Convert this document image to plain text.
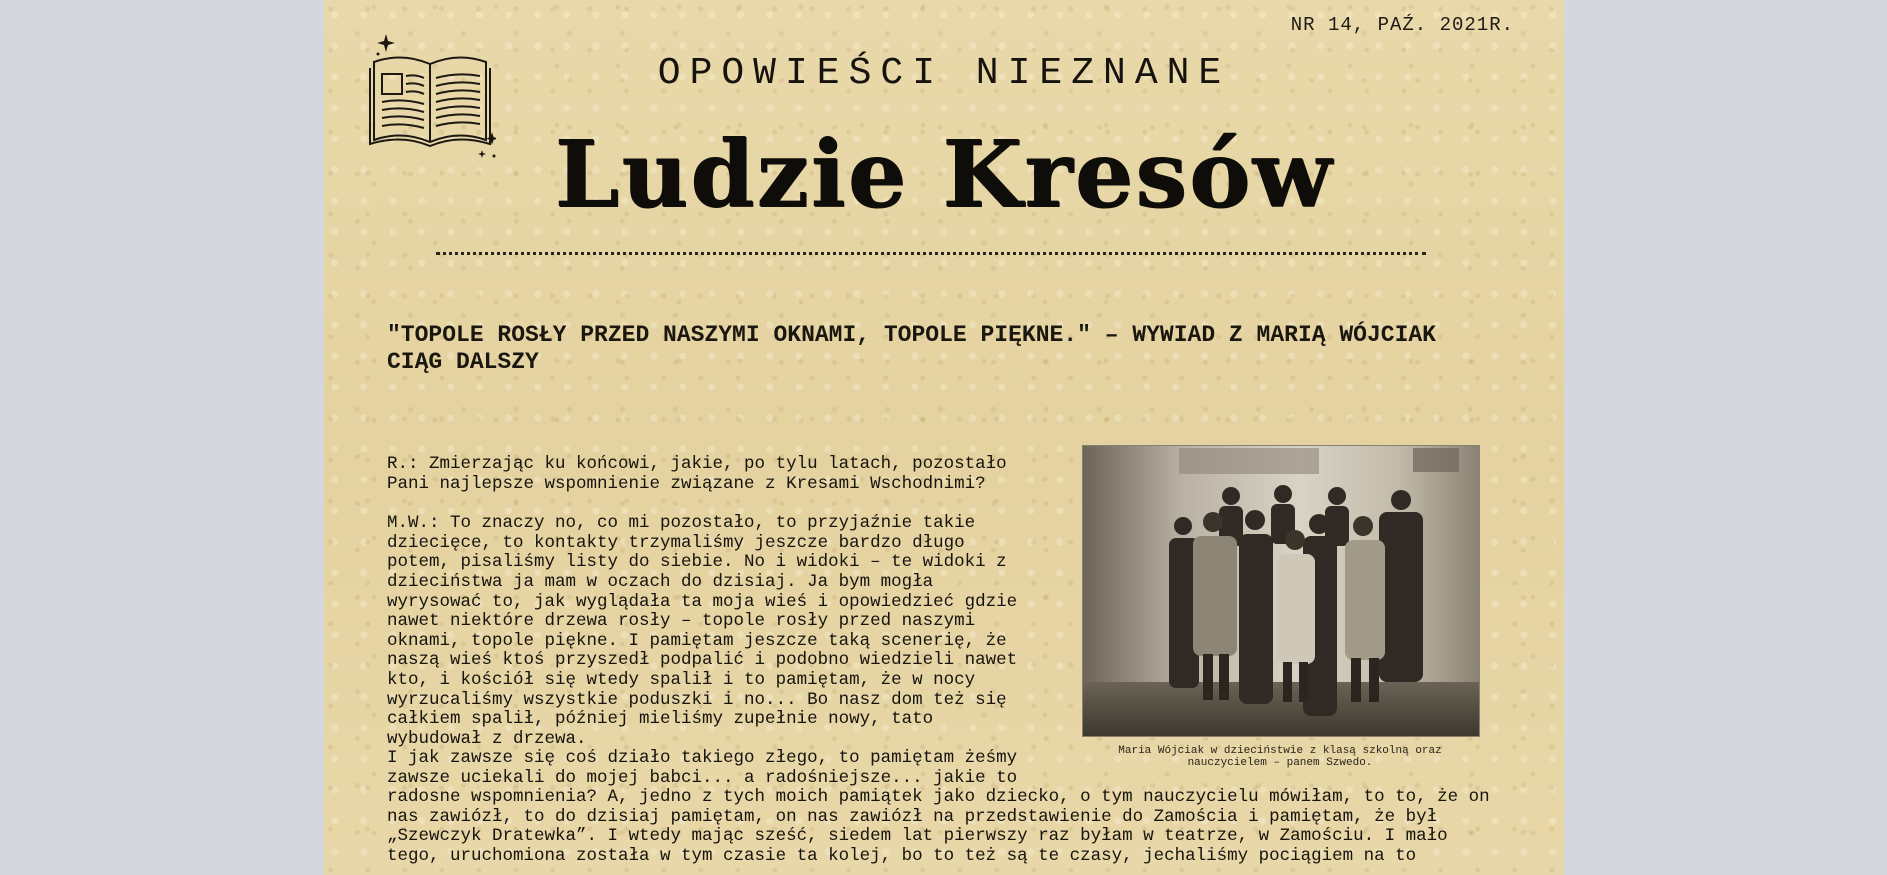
NR 14, PAŹ. 2021R.
OPOWIEŚCI NIEZNANE
Ludzie Kresów
"TOPOLE ROSŁY PRZED NASZYMI OKNAMI, TOPOLE PIĘKNE." – WYWIAD Z MARIĄ WÓJCIAK
CIĄG DALSZY

R.: Zmierzając ku końcowi, jakie, po tylu latach, pozostało Pani najlepsze wspomnienie związane z Kresami Wschodnimi?

M.W.: To znaczy no, co mi pozostało, to przyjaźnie takie dziecięce, to kontakty trzymaliśmy jeszcze bardzo długo potem, pisaliśmy listy do siebie. No i widoki – te widoki z dzieciństwa ja mam w oczach do dzisiaj. Ja bym mogła wyrysować to, jak wyglądała ta moja wieś i opowiedzieć gdzie nawet niektóre drzewa rosły – topole rosły przed naszymi oknami, topole piękne. I pamiętam jeszcze taką scenerię, że naszą wieś ktoś przyszedł podpalić i podobno wiedzieli nawet kto, i kościół się wtedy spalił i to pamiętam, że w nocy wyrzucaliśmy wszystkie poduszki i no... Bo nasz dom też się całkiem spalił, później mieliśmy zupełnie nowy, tato wybudował z drzewa.

I jak zawsze się coś działo takiego złego, to pamiętam żeśmy zawsze uciekali do mojej babci... a radośniejsze... jakie to

radosne wspomnienia? A, jedno z tych moich pamiątek jako dziecko, o tym nauczycielu mówiłam, to to, że on nas zawiózł, to do dzisiaj pamiętam, on nas zawiózł na przedstawienie do Zamościa i pamiętam, że był „Szewczyk Dratewka”. I wtedy mając sześć, siedem lat pierwszy raz byłam w teatrze, w Zamościu. I mało tego, uruchomiona została w tym czasie ta kolej, bo to też są te czasy, jechaliśmy pociągiem na to

Maria Wójciak w dzieciństwie z klasą szkolną oraz
nauczycielem – panem Szwedo.
